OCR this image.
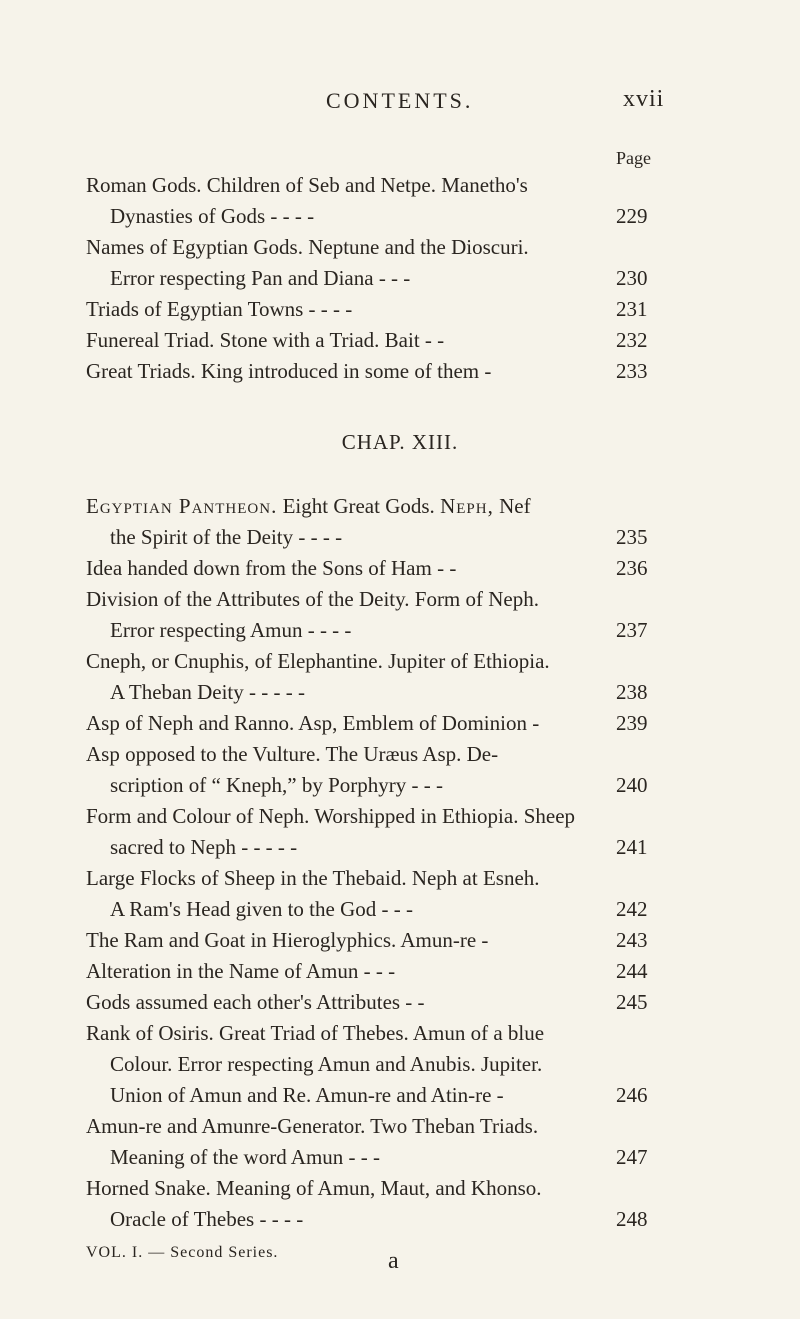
CONTENTS.	xvii
Page
Roman Gods. Children of Seb and Netpe. Manetho's
Dynasties of Gods - - - -	229
Names of Egyptian Gods. Neptune and the Dioscuri.
Error respecting Pan and Diana - - -	230
Triads of Egyptian Towns - - - -	231
Funereal Triad. Stone with a Triad. Bait - -	232
Great Triads. King introduced in some of them -	233
CHAP. XIII.
Egyptian Pantheon. Eight Great Gods. Neph, Nef
the Spirit of the Deity - - - -	235
Idea handed down from the Sons of Ham - -	236
Division of the Attributes of the Deity. Form of Neph.
Error respecting Amun - - - -	237
Cneph, or Cnuphis, of Elephantine. Jupiter of Ethiopia.
A Theban Deity - - - - -	238
Asp of Neph and Ranno. Asp, Emblem of Dominion -	239
Asp opposed to the Vulture. The Uræus Asp. De-
scription of “ Kneph,” by Porphyry - - -	240
Form and Colour of Neph. Worshipped in Ethiopia. Sheep
sacred to Neph - - - - -	241
Large Flocks of Sheep in the Thebaid. Neph at Esneh.
A Ram's Head given to the God - - -	242
The Ram and Goat in Hieroglyphics. Amun-re -	243
Alteration in the Name of Amun - - -	244
Gods assumed each other's Attributes - -	245
Rank of Osiris. Great Triad of Thebes. Amun of a blue
Colour. Error respecting Amun and Anubis. Jupiter.
Union of Amun and Re. Amun-re and Atin-re -	246
Amun-re and Amunre-Generator. Two Theban Triads.
Meaning of the word Amun - - -	247
Horned Snake. Meaning of Amun, Maut, and Khonso.
Oracle of Thebes - - - -	248
VOL. I. — Second Series.	a
